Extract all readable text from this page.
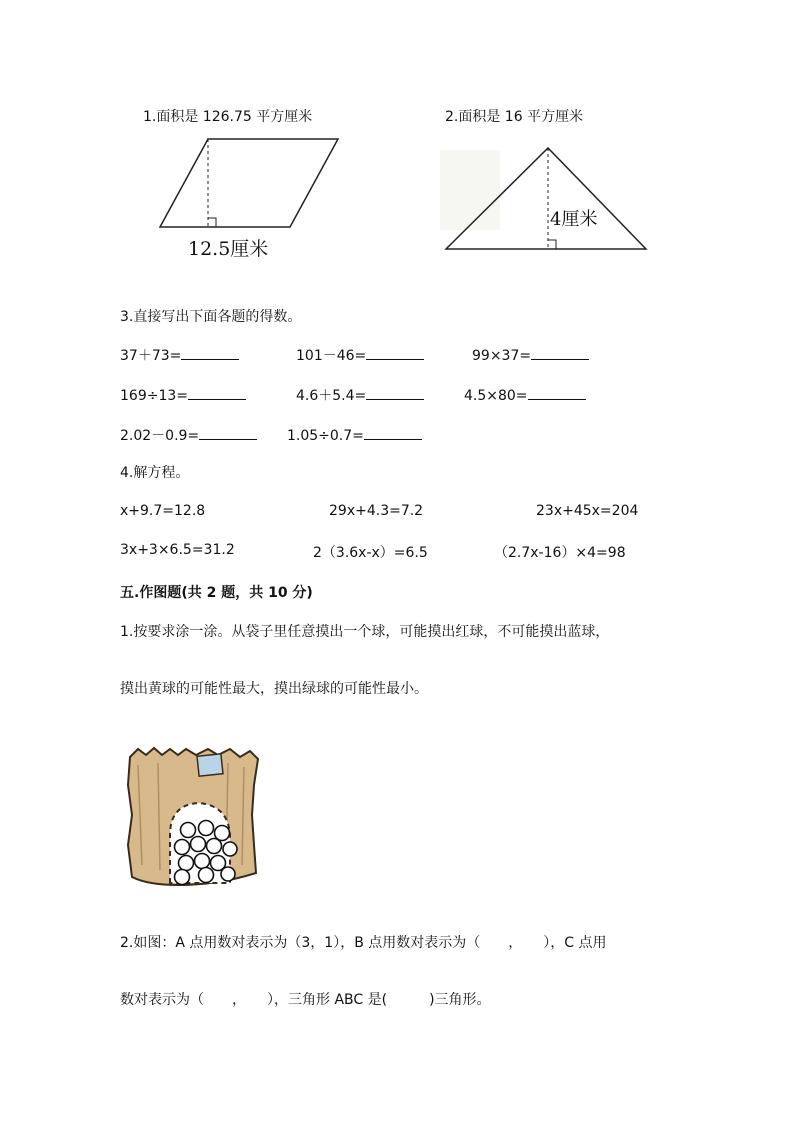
1.面积是 126.75 平方厘米
12.5厘米
2.面积是 16 平方厘米
4厘米
3.直接写出下面各题的得数。
37＋73=	101－46=	99×37=
169÷13=	4.6＋5.4=	4.5×80=
2.02－0.9=	1.05÷0.7=
4.解方程。
x+9.7=12.8	29x+4.3=7.2	23x+45x=204
3x+3×6.5=31.2	2（3.6x-x）=6.5	（2.7x-16）×4=98
五.作图题(共 2 题，共 10 分)
1.按要求涂一涂。从袋子里任意摸出一个球，可能摸出红球，不可能摸出蓝球，
摸出黄球的可能性最大，摸出绿球的可能性最小。
2.如图：A 点用数对表示为（3，1），B 点用数对表示为（　　，　　），C 点用
数对表示为（　　，　　），三角形 ABC 是(　　　)三角形。
